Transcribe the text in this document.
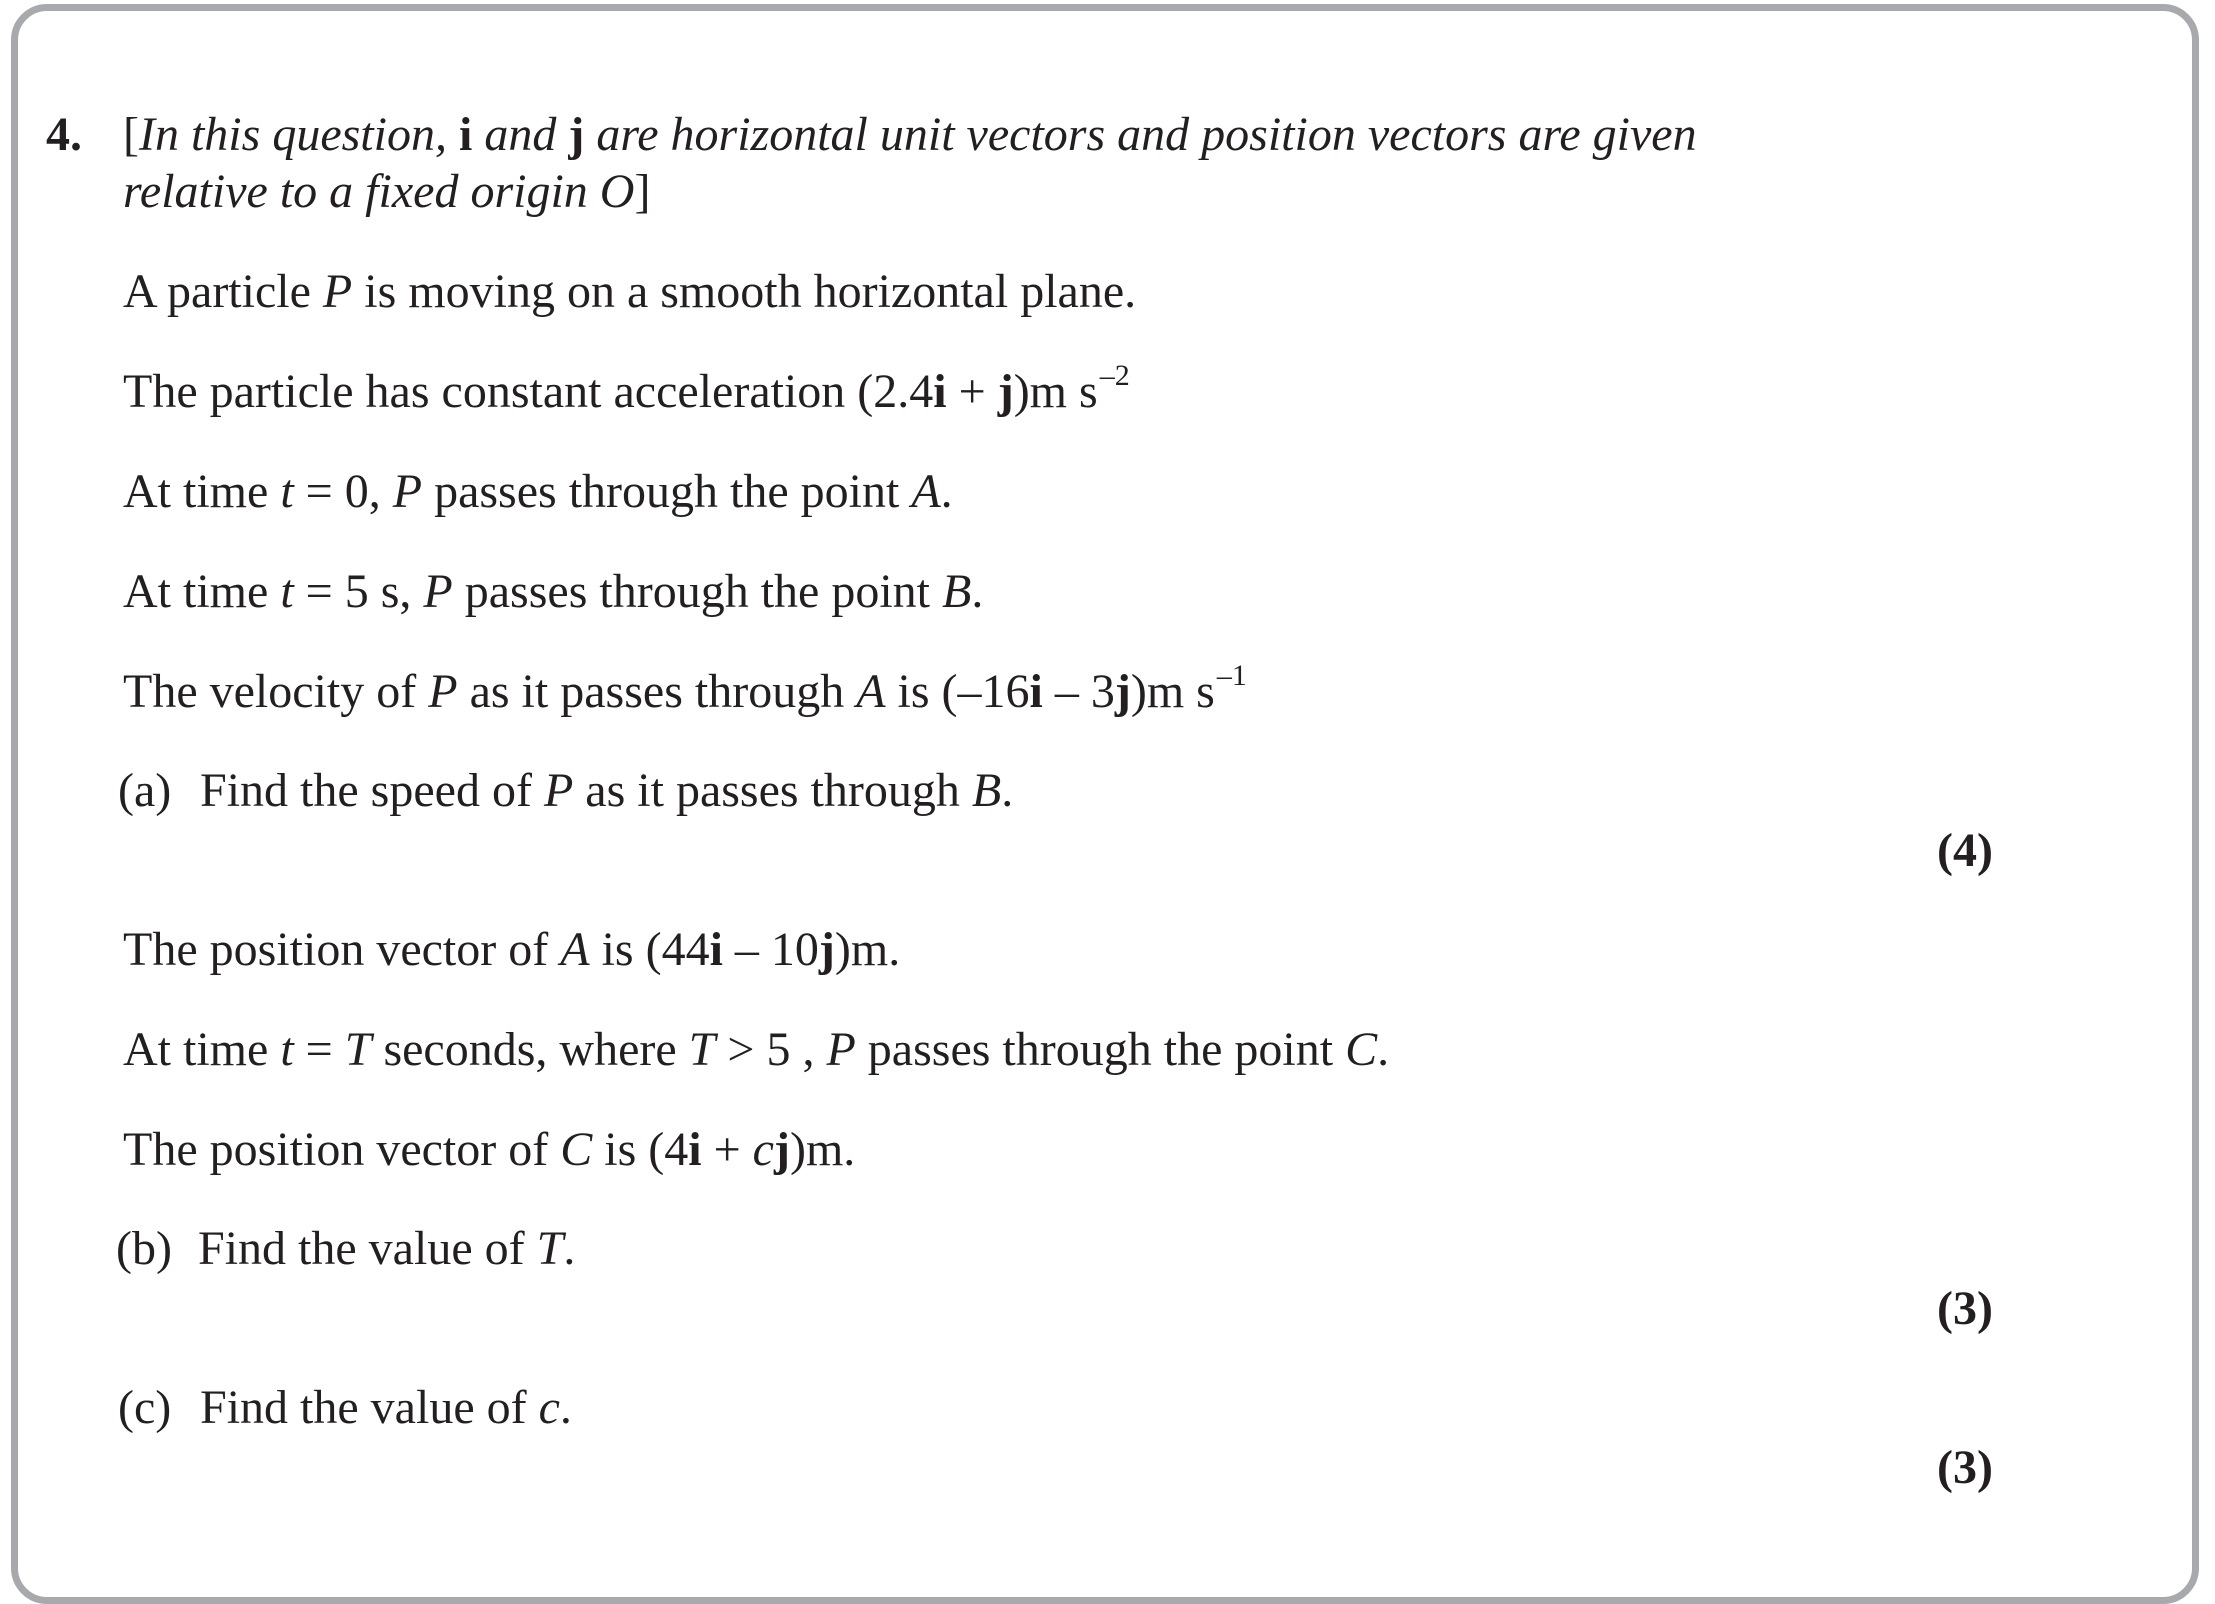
4. [In this question, i and j are horizontal unit vectors and position vectors are given
relative to a fixed origin O]
A particle P is moving on a smooth horizontal plane.
The particle has constant acceleration (2.4i + j)m $s^{-2}$
At time t = 0, P passes through the point A.
At time t = 5 s, P passes through the point B.
The velocity of P as it passes through A is (–16i – 3j)m $s^{-1}$
(a) Find the speed of P as it passes through B.
(4)
The position vector of A is (44i – 10j)m.
At time t = T seconds, where T > 5 , P passes through the point C.
The position vector of C is (4i + cj)m.
(b) Find the value of T.
(3)
(c) Find the value of c.
(3)
